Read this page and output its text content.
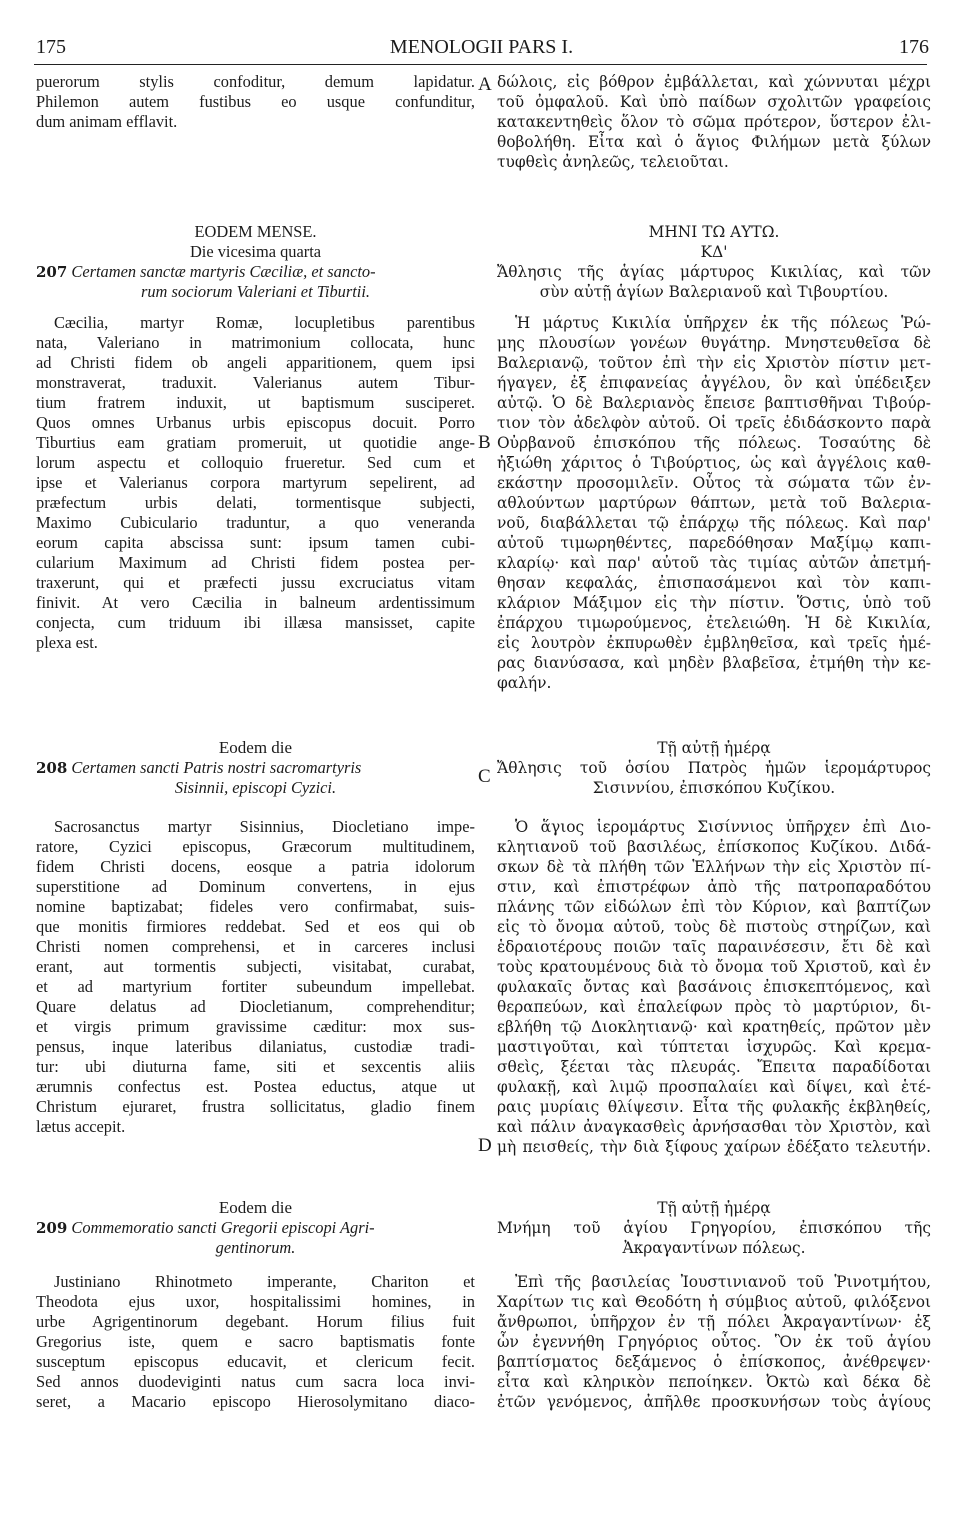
175	MENOLOGII PARS I.	176
A
B
C
D
puerorum stylis confoditur, demum lapidatur.
Philemon autem fustibus eo usque confunditur,
dum animam efflavit.
EODEM MENSE.
Die vicesima quarta
207 Certamen sanctæ martyris Cæciliæ, et sancto-
rum sociorum Valeriani et Tiburtii.
Cæcilia, martyr Romæ, locupletibus parentibus
nata, Valeriano in matrimonium collocata, hunc
ad Christi fidem ob angeli apparitionem, quem ipsi
monstraverat, traduxit. Valerianus autem Tibur-
tium fratrem induxit, ut baptismum susciperet.
Quos omnes Urbanus urbis episcopus docuit. Porro
Tiburtius eam gratiam promeruit, ut quotidie ange-
lorum aspectu et colloquio frueretur. Sed cum et
ipse et Valerianus corpora martyrum sepelirent, ad
præfectum urbis delati, tormentisque subjecti,
Maximo Cubiculario traduntur, a quo veneranda
eorum capita abscissa sunt: ipsum tamen cubi-
cularium Maximum ad Christi fidem postea per-
traxerunt, qui et præfecti jussu excruciatus vitam
finivit. At vero Cæcilia in balneum ardentissimum
conjecta, cum triduum ibi illæsa mansisset, capite
plexa est.
Eodem die
208 Certamen sancti Patris nostri sacromartyris
Sisinnii, episcopi Cyzici.
Sacrosanctus martyr Sisinnius, Diocletiano impe-
ratore, Cyzici episcopus, Græcorum multitudinem,
fidem Christi docens, eosque a patria idolorum
superstitione ad Dominum convertens, in ejus
nomine baptizabat; fideles vero confirmabat, suis-
que monitis firmiores reddebat. Sed et eos qui ob
Christi nomen comprehensi, et in carceres inclusi
erant, aut tormentis subjecti, visitabat, curabat,
et ad martyrium fortiter subeundum impellebat.
Quare delatus ad Diocletianum, comprehenditur;
et virgis primum gravissime cæditur: mox sus-
pensus, inque lateribus dilaniatus, custodiæ tradi-
tur: ubi diuturna fame, siti et sexcentis aliis
ærumnis confectus est. Postea eductus, atque ut
Christum ejuraret, frustra sollicitatus, gladio finem
lætus accepit.
Eodem die
209 Commemoratio sancti Gregorii episcopi Agri-
gentinorum.
Justiniano Rhinotmeto imperante, Chariton et
Theodota ejus uxor, hospitalissimi homines, in
urbe Agrigentinorum degebant. Horum filius fuit
Gregorius iste, quem e sacro baptismatis fonte
susceptum episcopus educavit, et clericum fecit.
Sed annos duodeviginti natus cum sacra loca invi-
seret, a Macario episcopo Hierosolymitano diaco-
δώλοις, εἰς βόθρον ἐμβάλλεται, καὶ χώννυται μέχρι
τοῦ ὀμφαλοῦ. Καὶ ὑπὸ παίδων σχολιτῶν γραφείοις
κατακεντηθεὶς ὅλον τὸ σῶμα πρότερον, ὕστερον ἐλι-
θοβολήθη. Εἶτα καὶ ὁ ἅγιος Φιλήμων μετὰ ξύλων
τυφθεὶς ἀνηλεῶς, τελειοῦται.
ΜΗΝΙ ΤΩ ΑΥΤΩ.
ΚΔ'
Ἄθλησις τῆς ἁγίας μάρτυρος Κικιλίας, καὶ τῶν
σὺν αὐτῇ ἁγίων Βαλεριανοῦ καὶ Τιβουρτίου.
Ἡ μάρτυς Κικιλία ὑπῆρχεν ἐκ τῆς πόλεως Ῥώ-
μης πλουσίων γονέων θυγάτηρ. Μνηστευθεῖσα δὲ
Βαλεριανῷ, τοῦτον ἐπὶ τὴν εἰς Χριστὸν πίστιν μετ-
ήγαγεν, ἐξ ἐπιφανείας ἀγγέλου, ὃν καὶ ὑπέδειξεν
αὐτῷ. Ὁ δὲ Βαλεριανὸς ἔπεισε βαπτισθῆναι Τιβούρ-
τιον τὸν ἀδελφὸν αὐτοῦ. Οἱ τρεῖς ἐδιδάσκοντο παρὰ
Οὐρβανοῦ ἐπισκόπου τῆς πόλεως. Τοσαύτης δὲ
ἠξιώθη χάριτος ὁ Τιβούρτιος, ὡς καὶ ἀγγέλοις καθ-
εκάστην προσομιλεῖν. Οὗτος τὰ σώματα τῶν ἐν-
αθλούντων μαρτύρων θάπτων, μετὰ τοῦ Βαλερια-
νοῦ, διαβάλλεται τῷ ἐπάρχῳ τῆς πόλεως. Καὶ παρ'
αὐτοῦ τιμωρηθέντες, παρεδόθησαν Μαξίμῳ καπι-
κλαρίῳ· καὶ παρ' αὐτοῦ τὰς τιμίας αὐτῶν ἀπετμή-
θησαν κεφαλάς, ἐπισπασάμενοι καὶ τὸν καπι-
κλάριον Μάξιμον εἰς τὴν πίστιν. Ὅστις, ὑπὸ τοῦ
ἐπάρχου τιμωρούμενος, ἐτελειώθη. Ἡ δὲ Κικιλία,
εἰς λουτρὸν ἐκπυρωθὲν ἐμβληθεῖσα, καὶ τρεῖς ἡμέ-
ρας διανύσασα, καὶ μηδὲν βλαβεῖσα, ἐτμήθη τὴν κε-
φαλήν.
Τῇ αὐτῇ ἡμέρᾳ
Ἄθλησις τοῦ ὁσίου Πατρὸς ἡμῶν ἱερομάρτυρος
Σισιννίου, ἐπισκόπου Κυζίκου.
Ὁ ἅγιος ἱερομάρτυς Σισίννιος ὑπῆρχεν ἐπὶ Διο-
κλητιανοῦ τοῦ βασιλέως, ἐπίσκοπος Κυζίκου. Διδά-
σκων δὲ τὰ πλήθη τῶν Ἑλλήνων τὴν εἰς Χριστὸν πί-
στιν, καὶ ἐπιστρέφων ἀπὸ τῆς πατροπαραδότου
πλάνης τῶν εἰδώλων ἐπὶ τὸν Κύριον, καὶ βαπτίζων
εἰς τὸ ὄνομα αὐτοῦ, τοὺς δὲ πιστοὺς στηρίζων, καὶ
ἑδραιοτέρους ποιῶν ταῖς παραινέσεσιν, ἔτι δὲ καὶ
τοὺς κρατουμένους διὰ τὸ ὄνομα τοῦ Χριστοῦ, καὶ ἐν
φυλακαῖς ὄντας καὶ βασάνοις ἐπισκεπτόμενος, καὶ
θεραπεύων, καὶ ἐπαλείφων πρὸς τὸ μαρτύριον, δι-
εβλήθη τῷ Διοκλητιανῷ· καὶ κρατηθείς, πρῶτον μὲν
μαστιγοῦται, καὶ τύπτεται ἰσχυρῶς. Καὶ κρεμα-
σθεὶς, ξέεται τὰς πλευράς. Ἔπειτα παραδίδοται
φυλακῇ, καὶ λιμῷ προσπαλαίει καὶ δίψει, καὶ ἑτέ-
ραις μυρίαις θλίψεσιν. Εἶτα τῆς φυλακῆς ἐκβληθείς,
καὶ πάλιν ἀναγκασθεὶς ἀρνήσασθαι τὸν Χριστὸν, καὶ
μὴ πεισθείς, τὴν διὰ ξίφους χαίρων ἐδέξατο τελευτήν.
Τῇ αὐτῇ ἡμέρᾳ
Μνήμη τοῦ ἁγίου Γρηγορίου, ἐπισκόπου τῆς
Ἀκραγαντίνων πόλεως.
Ἐπὶ τῆς βασιλείας Ἰουστινιανοῦ τοῦ Ῥινοτμήτου,
Χαρίτων τις καὶ Θεοδότη ἡ σύμβιος αὐτοῦ, φιλόξενοι
ἄνθρωποι, ὑπῆρχον ἐν τῇ πόλει Ἀκραγαντίνων· ἐξ
ὧν ἐγεννήθη Γρηγόριος οὗτος. Ὃν ἐκ τοῦ ἁγίου
βαπτίσματος δεξάμενος ὁ ἐπίσκοπος, ἀνέθρεψεν·
εἶτα καὶ κληρικὸν πεποίηκεν. Ὀκτὼ καὶ δέκα δὲ
ἐτῶν γενόμενος, ἀπῆλθε προσκυνήσων τοὺς ἁγίους
